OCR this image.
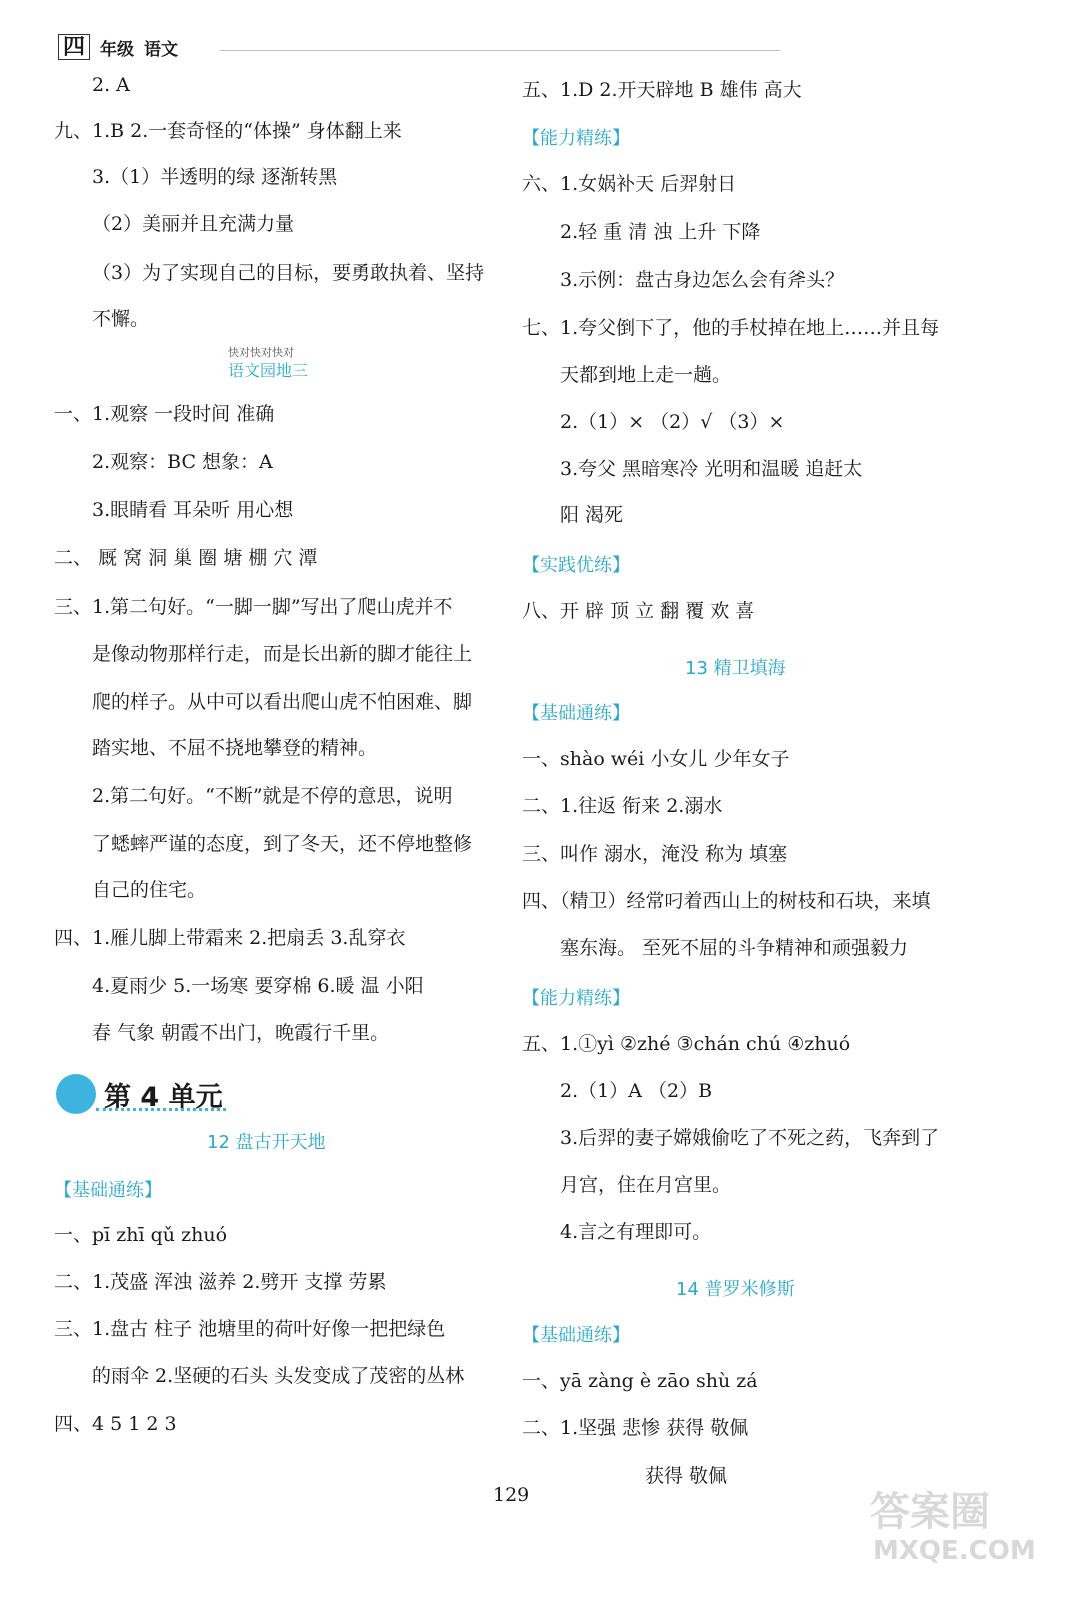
四 年级 语文
2. A
九、1.B 2.一套奇怪的“体操” 身体翻上来
3.（1）半透明的绿 逐渐转黑
（2）美丽并且充满力量
（3）为了实现自己的目标，要勇敢执着、坚持
不懈。
快对快对快对
语文园地三
一、1.观察 一段时间 准确
2.观察：BC 想象：A
3.眼睛看 耳朵听 用心想
二、 厩 窝 洞 巢 圈 塘 棚 穴 潭
三、1.第二句好。“一脚一脚”写出了爬山虎并不
是像动物那样行走，而是长出新的脚才能往上
爬的样子。从中可以看出爬山虎不怕困难、脚
踏实地、不屈不挠地攀登的精神。
2.第二句好。“不断”就是不停的意思，说明
了蟋蟀严谨的态度，到了冬天，还不停地整修
自己的住宅。
四、1.雁儿脚上带霜来 2.把扇丢 3.乱穿衣
4.夏雨少 5.一场寒 要穿棉 6.暖 温 小阳
春 气象 朝霞不出门，晚霞行千里。
第 4 单元
12 盘古开天地
【基础通练】
一、pī zhī qǔ zhuó
二、1.茂盛 浑浊 滋养 2.劈开 支撑 劳累
三、1.盘古 柱子 池塘里的荷叶好像一把把绿色
的雨伞 2.坚硬的石头 头发变成了茂密的丛林
四、4 5 1 2 3
五、1.D 2.开天辟地 B 雄伟 高大
【能力精练】
六、1.女娲补天 后羿射日
2.轻 重 清 浊 上升 下降
3.示例：盘古身边怎么会有斧头？
七、1.夸父倒下了，他的手杖掉在地上……并且每
天都到地上走一趟。
2.（1）× （2）√ （3）×
3.夸父 黑暗寒冷 光明和温暖 追赶太
阳 渴死
【实践优练】
八、开 辟 顶 立 翻 覆 欢 喜
13 精卫填海
【基础通练】
一、shào wéi 小女儿 少年女子
二、1.往返 衔来 2.溺水
三、叫作 溺水，淹没 称为 填塞
四、（精卫）经常叼着西山上的树枝和石块，来填
塞东海。 至死不屈的斗争精神和顽强毅力
【能力精练】
五、1.①yì ②zhé ③chán chú ④zhuó
2.（1）A （2）B
3.后羿的妻子嫦娥偷吃了不死之药，飞奔到了
月宫，住在月宫里。
4.言之有理即可。
14 普罗米修斯
【基础通练】
一、yā zàng è zāo shù zá
二、1.坚强 悲惨 获得 敬佩
获得 敬佩
129	答案圈
MXQE.COM
